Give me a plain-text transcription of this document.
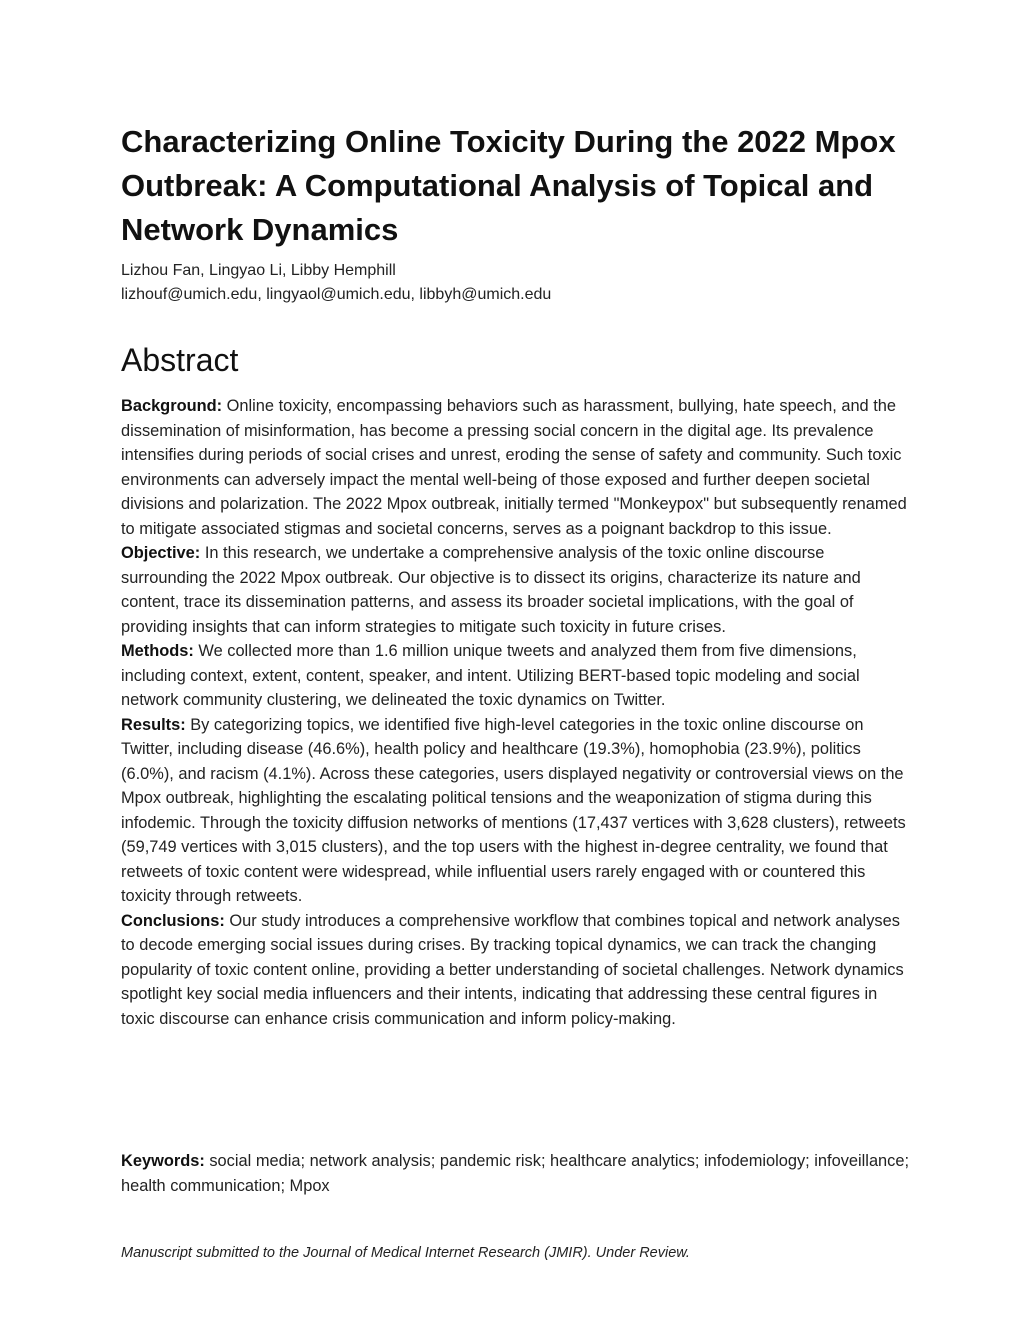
Characterizing Online Toxicity During the 2022 Mpox Outbreak: A Computational Analysis of Topical and Network Dynamics
Lizhou Fan, Lingyao Li, Libby Hemphill
lizhouf@umich.edu, lingyaol@umich.edu, libbyh@umich.edu
Abstract

Background: Online toxicity, encompassing behaviors such as harassment, bullying, hate speech, and the dissemination of misinformation, has become a pressing social concern in the digital age. Its prevalence intensifies during periods of social crises and unrest, eroding the sense of safety and community. Such toxic environments can adversely impact the mental well-being of those exposed and further deepen societal divisions and polarization. The 2022 Mpox outbreak, initially termed "Monkeypox" but subsequently renamed to mitigate associated stigmas and societal concerns, serves as a poignant backdrop to this issue.

Objective: In this research, we undertake a comprehensive analysis of the toxic online discourse surrounding the 2022 Mpox outbreak. Our objective is to dissect its origins, characterize its nature and content, trace its dissemination patterns, and assess its broader societal implications, with the goal of providing insights that can inform strategies to mitigate such toxicity in future crises.

Methods: We collected more than 1.6 million unique tweets and analyzed them from five dimensions, including context, extent, content, speaker, and intent. Utilizing BERT-based topic modeling and social network community clustering, we delineated the toxic dynamics on Twitter.

Results: By categorizing topics, we identified five high-level categories in the toxic online discourse on Twitter, including disease (46.6%), health policy and healthcare (19.3%), homophobia (23.9%), politics (6.0%), and racism (4.1%). Across these categories, users displayed negativity or controversial views on the Mpox outbreak, highlighting the escalating political tensions and the weaponization of stigma during this infodemic. Through the toxicity diffusion networks of mentions (17,437 vertices with 3,628 clusters), retweets (59,749 vertices with 3,015 clusters), and the top users with the highest in-degree centrality, we found that retweets of toxic content were widespread, while influential users rarely engaged with or countered this toxicity through retweets.

Conclusions: Our study introduces a comprehensive workflow that combines topical and network analyses to decode emerging social issues during crises. By tracking topical dynamics, we can track the changing popularity of toxic content online, providing a better understanding of societal challenges. Network dynamics spotlight key social media influencers and their intents, indicating that addressing these central figures in toxic discourse can enhance crisis communication and inform policy-making.

Keywords: social media; network analysis; pandemic risk; healthcare analytics; infodemiology; infoveillance; health communication; Mpox

Manuscript submitted to the Journal of Medical Internet Research (JMIR). Under Review.
